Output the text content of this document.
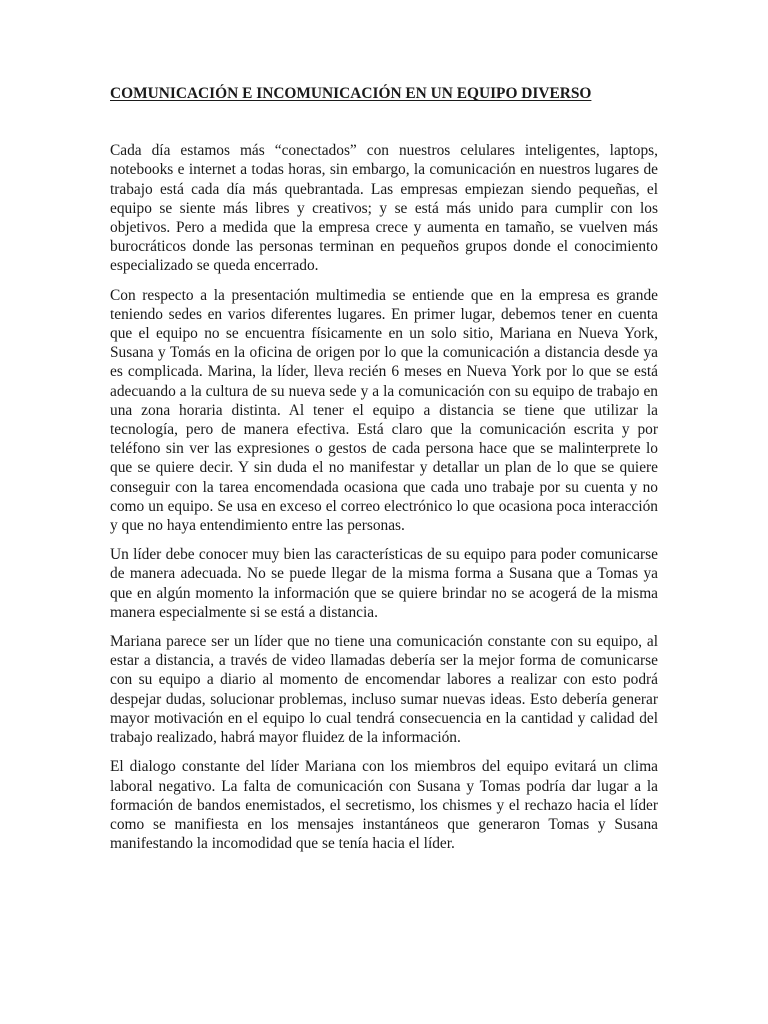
COMUNICACIÓN E INCOMUNICACIÓN EN UN EQUIPO DIVERSO

Cada día estamos más “conectados” con nuestros celulares inteligentes, laptops, notebooks e internet a todas horas, sin embargo, la comunicación en nuestros lugares de trabajo está cada día más quebrantada. Las empresas empiezan siendo pequeñas, el equipo se siente más libres y creativos; y se está más unido para cumplir con los objetivos. Pero a medida que la empresa crece y aumenta en tamaño, se vuelven más burocráticos donde las personas terminan en pequeños grupos donde el conocimiento especializado se queda encerrado.

Con respecto a la presentación multimedia se entiende que en la empresa es grande teniendo sedes en varios diferentes lugares. En primer lugar, debemos tener en cuenta que el equipo no se encuentra físicamente en un solo sitio, Mariana en Nueva York, Susana y Tomás en la oficina de origen por lo que la comunicación a distancia desde ya es complicada. Marina, la líder, lleva recién 6 meses en Nueva York por lo que se está adecuando a la cultura de su nueva sede y a la comunicación con su equipo de trabajo en una zona horaria distinta. Al tener el equipo a distancia se tiene que utilizar la tecnología, pero de manera efectiva. Está claro que la comunicación escrita y por teléfono sin ver las expresiones o gestos de cada persona hace que se malinterprete lo que se quiere decir. Y sin duda el no manifestar y detallar un plan de lo que se quiere conseguir con la tarea encomendada ocasiona que cada uno trabaje por su cuenta y no como un equipo. Se usa en exceso el correo electrónico lo que ocasiona poca interacción y que no haya entendimiento entre las personas.

Un líder debe conocer muy bien las características de su equipo para poder comunicarse de manera adecuada. No se puede llegar de la misma forma a Susana que a Tomas ya que en algún momento la información que se quiere brindar no se acogerá de la misma manera especialmente si se está a distancia.

Mariana parece ser un líder que no tiene una comunicación constante con su equipo, al estar a distancia, a través de video llamadas debería ser la mejor forma de comunicarse con su equipo a diario al momento de encomendar labores a realizar con esto podrá despejar dudas, solucionar problemas, incluso sumar nuevas ideas. Esto debería generar mayor motivación en el equipo lo cual tendrá consecuencia en la cantidad y calidad del trabajo realizado, habrá mayor fluidez de la información.

El dialogo constante del líder Mariana con los miembros del equipo evitará un clima laboral negativo. La falta de comunicación con Susana y Tomas podría dar lugar a la formación de bandos enemistados, el secretismo, los chismes y el rechazo hacia el líder como se manifiesta en los mensajes instantáneos que generaron Tomas y Susana manifestando la incomodidad que se tenía hacia el líder.
